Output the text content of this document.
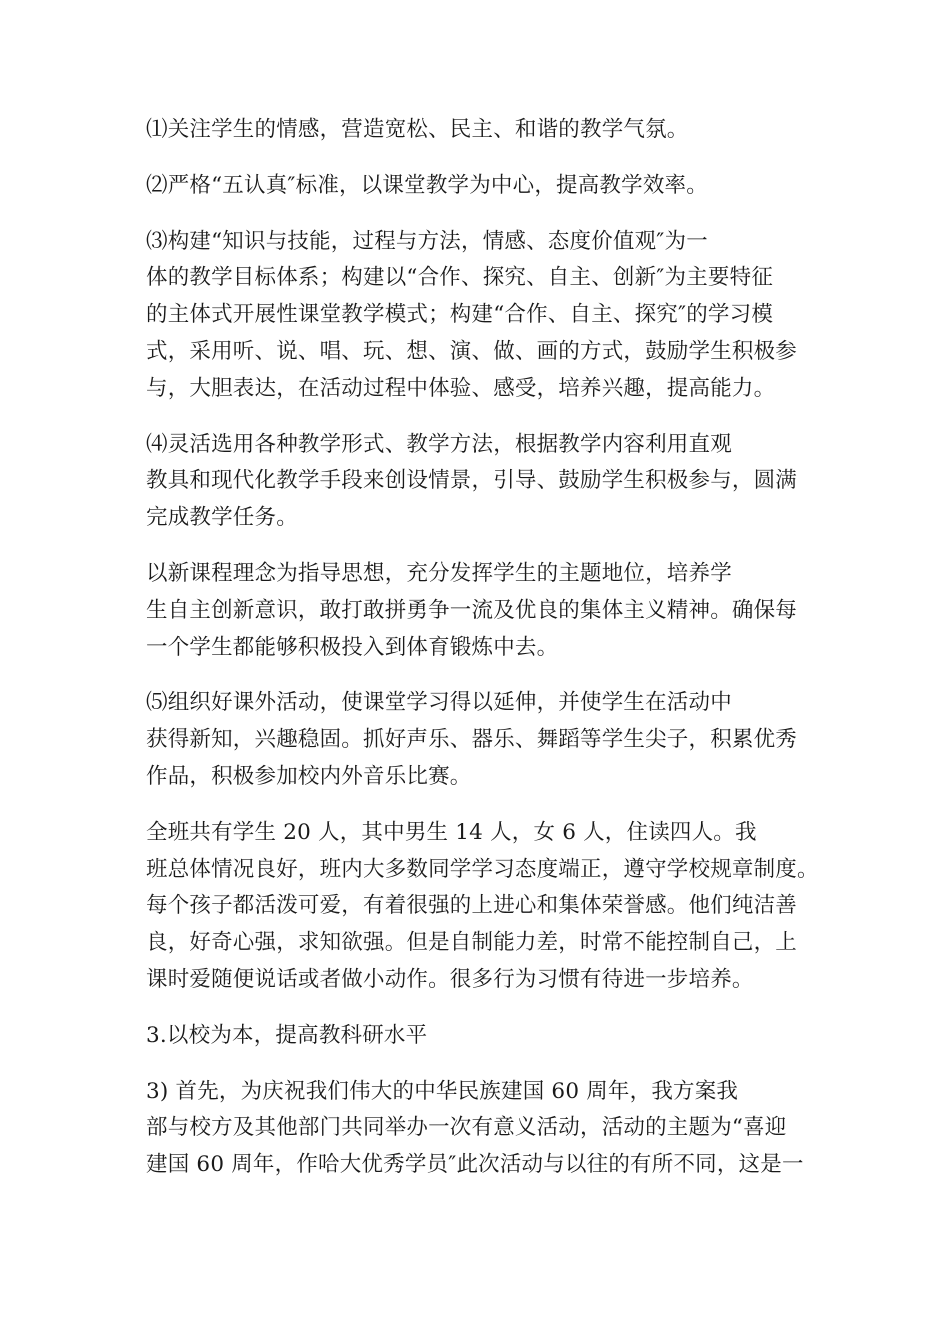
⑴关注学生的情感，营造宽松、民主、和谐的教学气氛。

⑵严格“五认真″标准，以课堂教学为中心，提高教学效率。

⑶构建“知识与技能，过程与方法，情感、态度价值观″为一
体的教学目标体系；构建以“合作、探究、自主、创新″为主要特征
的主体式开展性课堂教学模式；构建“合作、自主、探究″的学习模
式，采用听、说、唱、玩、想、演、做、画的方式，鼓励学生积极参
与，大胆表达，在活动过程中体验、感受，培养兴趣，提高能力。

⑷灵活选用各种教学形式、教学方法，根据教学内容利用直观
教具和现代化教学手段来创设情景，引导、鼓励学生积极参与，圆满
完成教学任务。

以新课程理念为指导思想，充分发挥学生的主题地位，培养学
生自主创新意识，敢打敢拼勇争一流及优良的集体主义精神。确保每
一个学生都能够积极投入到体育锻炼中去。

⑸组织好课外活动，使课堂学习得以延伸，并使学生在活动中
获得新知，兴趣稳固。抓好声乐、器乐、舞蹈等学生尖子，积累优秀
作品，积极参加校内外音乐比赛。

全班共有学生 20 人，其中男生 14 人，女 6 人，住读四人。我
班总体情况良好，班内大多数同学学习态度端正，遵守学校规章制度。
每个孩子都活泼可爱，有着很强的上进心和集体荣誉感。他们纯洁善
良，好奇心强，求知欲强。但是自制能力差，时常不能控制自己，上
课时爱随便说话或者做小动作。很多行为习惯有待进一步培养。

3.以校为本，提高教科研水平

3) 首先，为庆祝我们伟大的中华民族建国 60 周年，我方案我
部与校方及其他部门共同举办一次有意义活动，活动的主题为“喜迎
建国 60 周年，作哈大优秀学员″此次活动与以往的有所不同，这是一
